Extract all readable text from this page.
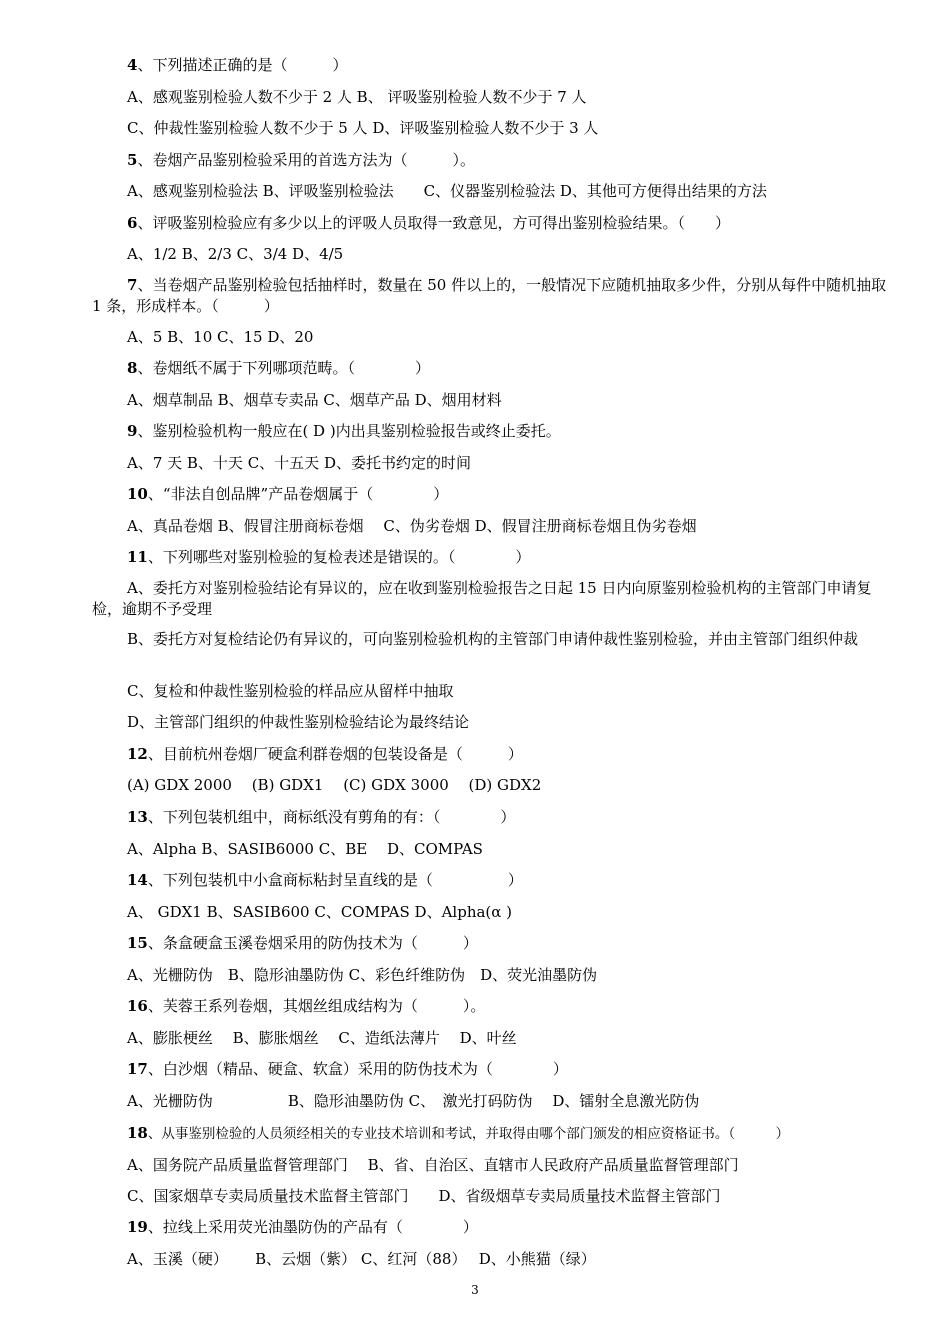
4、下列描述正确的是（　　　）
A、感观鉴别检验人数不少于 2 人 B、 评吸鉴别检验人数不少于 7 人
C、仲裁性鉴别检验人数不少于 5 人 D、评吸鉴别检验人数不少于 3 人
5、卷烟产品鉴别检验采用的首选方法为（　　　）。
A、感观鉴别检验法 B、评吸鉴别检验法　　C、仪器鉴别检验法 D、其他可方便得出结果的方法
6、评吸鉴别检验应有多少以上的评吸人员取得一致意见，方可得出鉴别检验结果。（　　）
A、1/2 B、2/3 C、3/4 D、4/5
7、当卷烟产品鉴别检验包括抽样时，数量在 50 件以上的，一般情况下应随机抽取多少件，分别从每件中随机抽取 1 条，形成样本。（　　　）
A、5 B、10 C、15 D、20
8、卷烟纸不属于下列哪项范畴。（　　　　）
A、烟草制品 B、烟草专卖品 C、烟草产品 D、烟用材料
9、鉴别检验机构一般应在( D )内出具鉴别检验报告或终止委托。
A、7 天 B、十天 C、十五天 D、委托书约定的时间
10、“非法自创品牌”产品卷烟属于（　　　　）
A、真品卷烟 B、假冒注册商标卷烟　 C、伪劣卷烟 D、假冒注册商标卷烟且伪劣卷烟
11、下列哪些对鉴别检验的复检表述是错误的。（　　　　）
A、委托方对鉴别检验结论有异议的，应在收到鉴别检验报告之日起 15 日内向原鉴别检验机构的主管部门申请复检，逾期不予受理
B、委托方对复检结论仍有异议的，可向鉴别检验机构的主管部门申请仲裁性鉴别检验，并由主管部门组织仲裁
C、复检和仲裁性鉴别检验的样品应从留样中抽取
D、主管部门组织的仲裁性鉴别检验结论为最终结论
12、目前杭州卷烟厂硬盒利群卷烟的包装设备是（　　　）
(A) GDX 2000　 (B) GDX1　 (C) GDX 3000　 (D) GDX2
13、下列包装机组中，商标纸没有剪角的有：（　　　　）
A、Alpha B、SASIB6000 C、BE　 D、COMPAS
14、下列包装机中小盒商标粘封呈直线的是（　　　　　）
A、 GDX1 B、SASIB600 C、COMPAS D、Alpha(α )
15、条盒硬盒玉溪卷烟采用的防伪技术为（　　　）
A、光栅防伪　B、隐形油墨防伪 C、彩色纤维防伪　D、荧光油墨防伪
16、芙蓉王系列卷烟，其烟丝组成结构为（　　　）。
A、膨胀梗丝　 B、膨胀烟丝　 C、造纸法薄片　 D、叶丝
17、白沙烟（精品、硬盒、软盒）采用的防伪技术为（　　　　）
A、光栅防伪　　　　　B、隐形油墨防伪 C、　激光打码防伪　 D、镭射全息激光防伪
18、从事鉴别检验的人员须经相关的专业技术培训和考试，并取得由哪个部门颁发的相应资格证书。（　　　）
A、国务院产品质量监督管理部门　 B、省、自治区、直辖市人民政府产品质量监督管理部门
C、国家烟草专卖局质量技术监督主管部门　　D、省级烟草专卖局质量技术监督主管部门
19、拉线上采用荧光油墨防伪的产品有（　　　　）
A、玉溪（硬）　　 B、云烟（紫） C、红河（88）　 D、小熊猫（绿）
3
